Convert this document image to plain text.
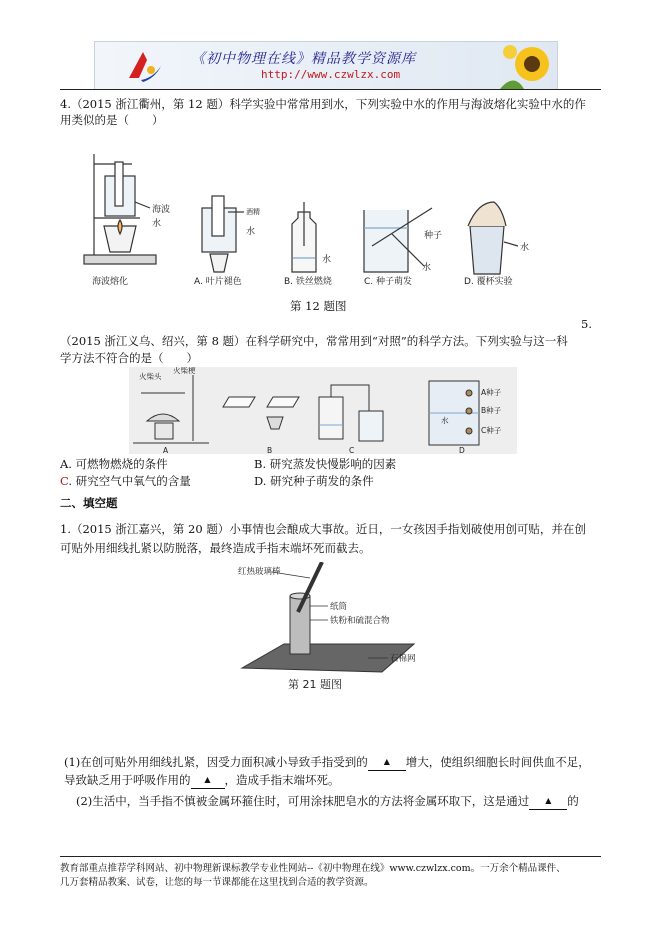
《初中物理在线》精品教学资源库
http://www.czwlzx.com
4.（2015 浙江衢州，第 12 题）科学实验中常常用到水，下列实验中水的作用与海波熔化实验中水的作
用类似的是（　　）
海波
水
海波熔化
酒精
水
A. 叶片褪色
水
B. 铁丝燃烧
种子
水
C. 种子萌发
水
D. 覆杯实验
第 12 题图
5.
（2015 浙江义乌、绍兴，第 8 题）在科学研究中，常常用到“对照”的科学方法。下列实验与这一科
学方法不符合的是（　　）
火柴头
火柴梗
A	B	C	D
A种子
B种子
水
C种子
A. 可燃物燃烧的条件	B. 研究蒸发快慢影响的因素
C. 研究空气中氧气的含量	D. 研究种子萌发的条件
二、填空题
1.（2015 浙江嘉兴，第 20 题）小事情也会酿成大事故。近日，一女孩因手指划破使用创可贴，并在创
可贴外用细线扎紧以防脱落，最终造成手指末端坏死而截去。
红热玻璃棒
纸筒
铁粉和硫混合物
石棉网
第 21 题图
(1)在创可贴外用细线扎紧，因受力面积减小导致手指受到的 ▲ 增大，使组织细胞长时间供血不足，
导致缺乏用于呼吸作用的 ▲ ，造成手指末端坏死。
(2)生活中，当手指不慎被金属环箍住时，可用涂抹肥皂水的方法将金属环取下，这是通过 ▲ 的
教育部重点推荐学科网站、初中物理新课标教学专业性网站--《初中物理在线》www.czwlzx.com。一万余个精品课件、
几万套精品教案、试卷，让您的每一节课都能在这里找到合适的教学资源。
